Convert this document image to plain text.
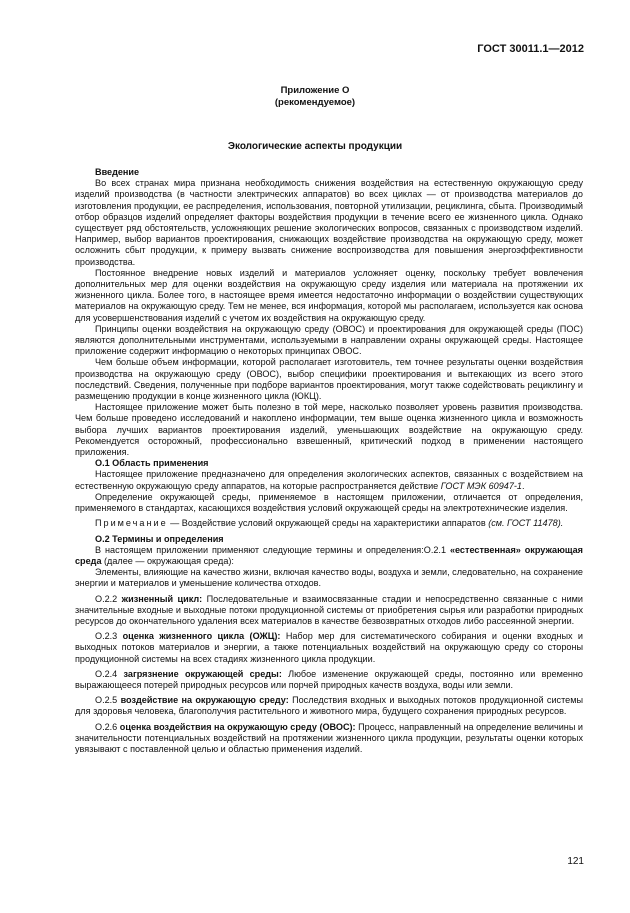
ГОСТ 30011.1—2012
Приложение О
(рекомендуемое)
Экологические аспекты продукции

Введение

Во всех странах мира признана необходимость снижения воздействия на естественную окружающую среду изделий производства (в частности электрических аппаратов) во всех циклах — от производства материалов до изготовления продукции, ее распределения, использования, повторной утилизации, рециклинга, сбыта. Производимый отбор образцов изделий определяет факторы воздействия продукции в течение всего ее жизненного цикла. Однако существует ряд обстоятельств, усложняющих решение экологических вопросов, связанных с производством изделий. Например, выбор вариантов проектирования, снижающих воздействие производства на окружающую среду, может осложнить сбыт продукции, к примеру вызвать снижение воспроизводства для повышения энергоэффективности производства.

Постоянное внедрение новых изделий и материалов усложняет оценку, поскольку требует вовлечения дополнительных мер для оценки воздействия на окружающую среду изделия или материала на протяжении их жизненного цикла. Более того, в настоящее время имеется недостаточно информации о воздействии существующих материалов на окружающую среду. Тем не менее, вся информация, которой мы располагаем, используется как основа для усовершенствования изделий с учетом их воздействия на окружающую среду.

Принципы оценки воздействия на окружающую среду (ОВОС) и проектирования для окружающей среды (ПОС) являются дополнительными инструментами, используемыми в направлении охраны окружающей среды. Настоящее приложение содержит информацию о некоторых принципах ОВОС.

Чем больше объем информации, которой располагает изготовитель, тем точнее результаты оценки воздействия производства на окружающую среду (ОВОС), выбор специфики проектирования и вытекающих из всего этого последствий. Сведения, полученные при подборе вариантов проектирования, могут также содействовать рециклингу и размещению продукции в конце жизненного цикла (ЮКЦ).

Настоящее приложение может быть полезно в той мере, насколько позволяет уровень развития производства. Чем больше проведено исследований и накоплено информации, тем выше оценка жизненного цикла и возможность выбора лучших вариантов проектирования изделий, уменьшающих воздействие на окружающую среду. Рекомендуется осторожный, профессионально взвешенный, критический подход в применении настоящего приложения.

О.1 Область применения

Настоящее приложение предназначено для определения экологических аспектов, связанных с воздействием на естественную окружающую среду аппаратов, на которые распространяется действие ГОСТ МЭК 60947-1.

Определение окружающей среды, применяемое в настоящем приложении, отличается от определения, применяемого в стандартах, касающихся воздействия условий окружающей среды на электротехнические изделия.

Примечание — Воздействие условий окружающей среды на характеристики аппаратов (см. ГОСТ 11478).

О.2 Термины и определения

В настоящем приложении применяют следующие термины и определения:О.2.1 «естественная» окружающая среда (далее — окружающая среда):

Элементы, влияющие на качество жизни, включая качество воды, воздуха и земли, следовательно, на сохранение энергии и материалов и уменьшение количества отходов.

О.2.2 жизненный цикл: Последовательные и взаимосвязанные стадии и непосредственно связанные с ними значительные входные и выходные потоки продукционной системы от приобретения сырья или разработки природных ресурсов до окончательного удаления всех материалов в качестве безвозвратных отходов либо рассеянной энергии.

О.2.3 оценка жизненного цикла (ОЖЦ): Набор мер для систематического собирания и оценки входных и выходных потоков материалов и энергии, а также потенциальных воздействий на окружающую среду со стороны продукционной системы на всех стадиях жизненного цикла продукции.

О.2.4 загрязнение окружающей среды: Любое изменение окружающей среды, постоянно или временно выражающееся потерей природных ресурсов или порчей природных качеств воздуха, воды или земли.

О.2.5 воздействие на окружающую среду: Последствия входных и выходных потоков продукционной системы для здоровья человека, благополучия растительного и животного мира, будущего сохранения природных ресурсов.

О.2.6 оценка воздействия на окружающую среду (ОВОС): Процесс, направленный на определение величины и значительности потенциальных воздействий на протяжении жизненного цикла продукции, результаты оценки которых увязывают с поставленной целью и областью применения изделий.

121
